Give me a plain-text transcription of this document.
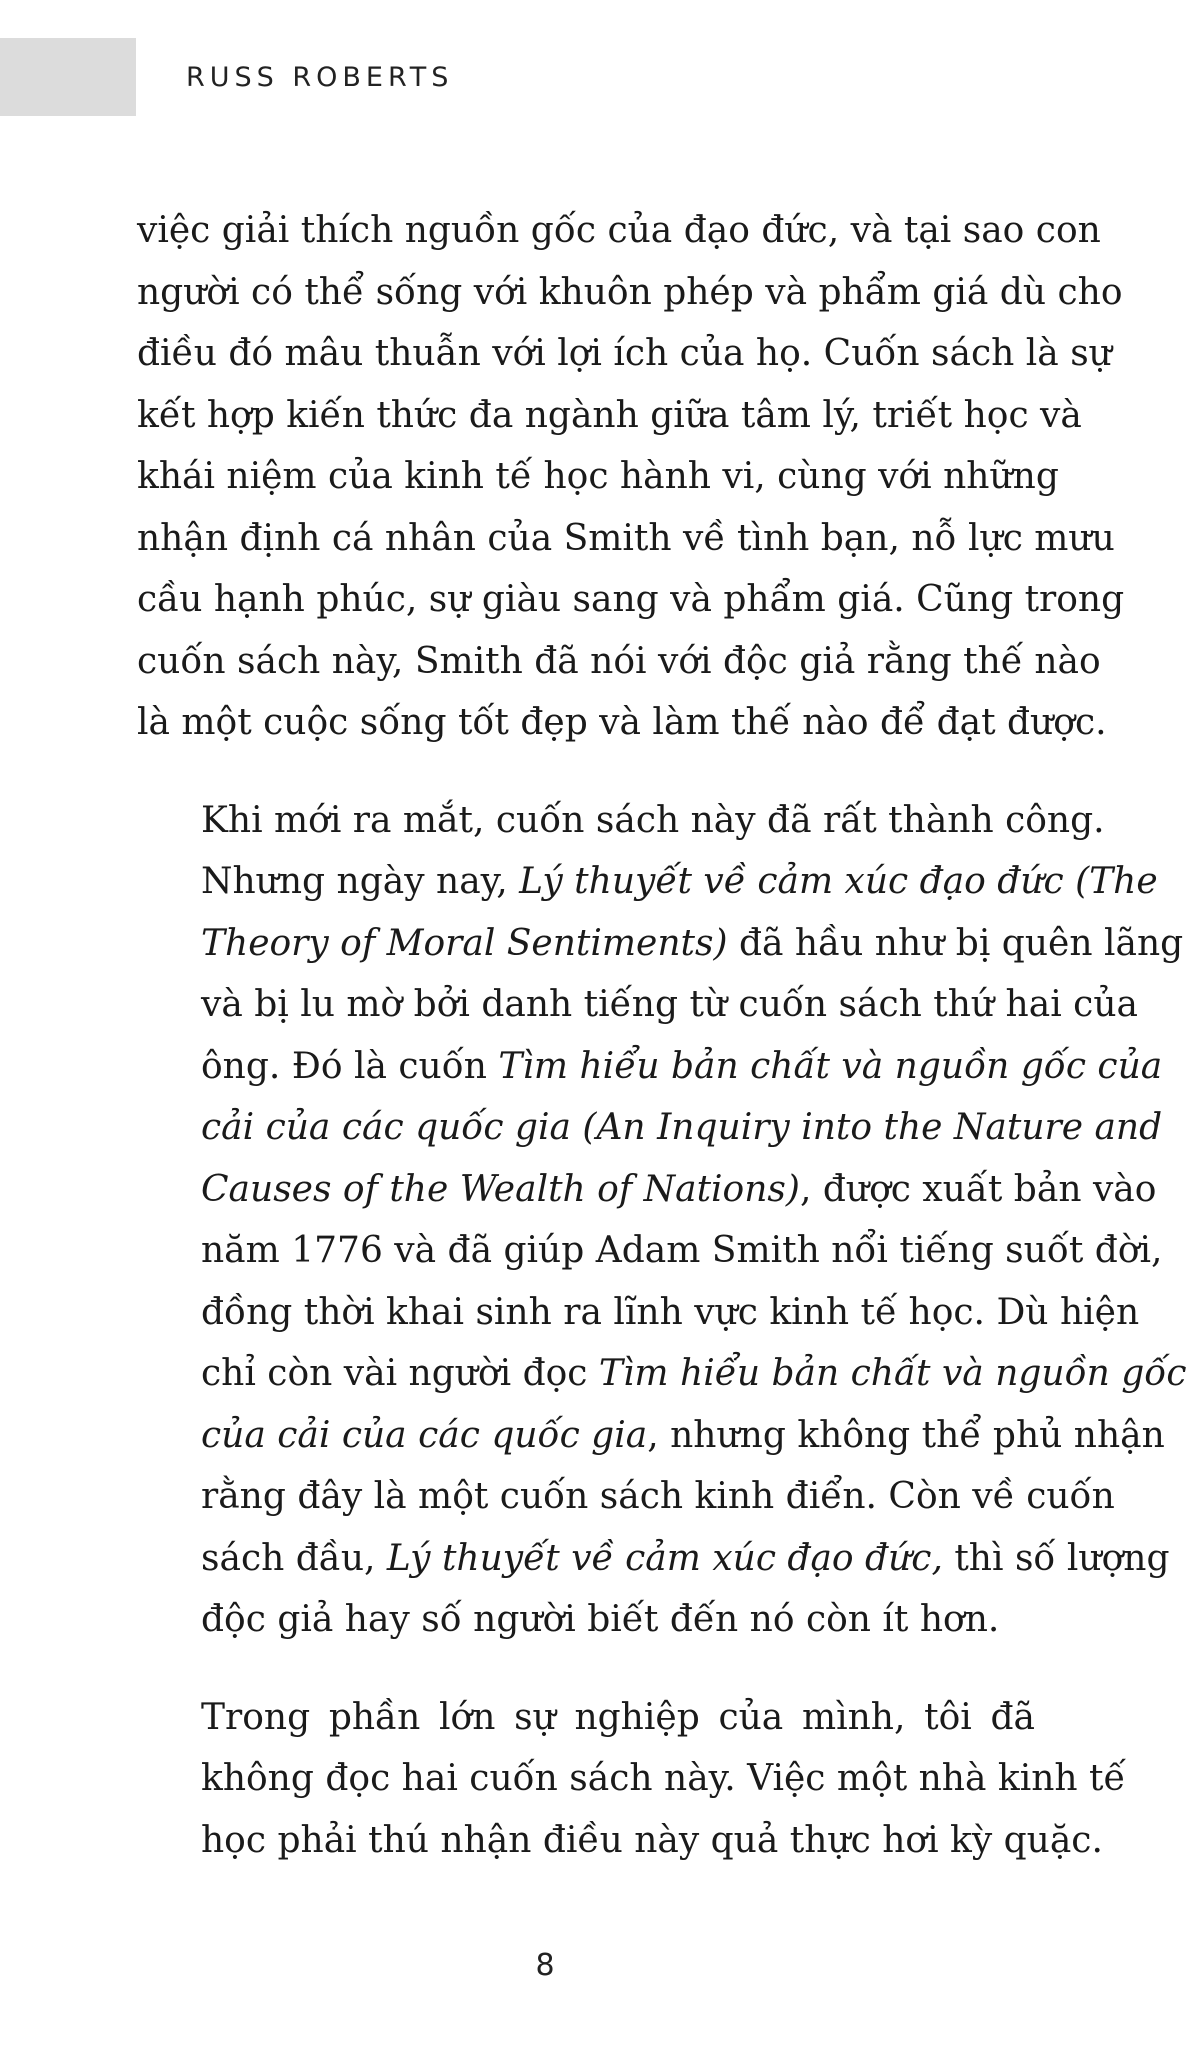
RUSS ROBERTS

việc giải thích nguồn gốc của đạo đức, và tại sao con
người có thể sống với khuôn phép và phẩm giá dù cho
điều đó mâu thuẫn với lợi ích của họ. Cuốn sách là sự
kết hợp kiến thức đa ngành giữa tâm lý, triết học và
khái niệm của kinh tế học hành vi, cùng với những
nhận định cá nhân của Smith về tình bạn, nỗ lực mưu
cầu hạnh phúc, sự giàu sang và phẩm giá. Cũng trong
cuốn sách này, Smith đã nói với độc giả rằng thế nào
là một cuộc sống tốt đẹp và làm thế nào để đạt được.

Khi mới ra mắt, cuốn sách này đã rất thành công.
Nhưng ngày nay, Lý thuyết về cảm xúc đạo đức (The
Theory of Moral Sentiments) đã hầu như bị quên lãng
và bị lu mờ bởi danh tiếng từ cuốn sách thứ hai của
ông. Đó là cuốn Tìm hiểu bản chất và nguồn gốc của
cải của các quốc gia (An Inquiry into the Nature and
Causes of the Wealth of Nations), được xuất bản vào
năm 1776 và đã giúp Adam Smith nổi tiếng suốt đời,
đồng thời khai sinh ra lĩnh vực kinh tế học. Dù hiện
chỉ còn vài người đọc Tìm hiểu bản chất và nguồn gốc
của cải của các quốc gia, nhưng không thể phủ nhận
rằng đây là một cuốn sách kinh điển. Còn về cuốn
sách đầu, Lý thuyết về cảm xúc đạo đức, thì số lượng
độc giả hay số người biết đến nó còn ít hơn.

Trong phần lớn sự nghiệp của mình, tôi đã
không đọc hai cuốn sách này. Việc một nhà kinh tế
học phải thú nhận điều này quả thực hơi kỳ quặc.

8
